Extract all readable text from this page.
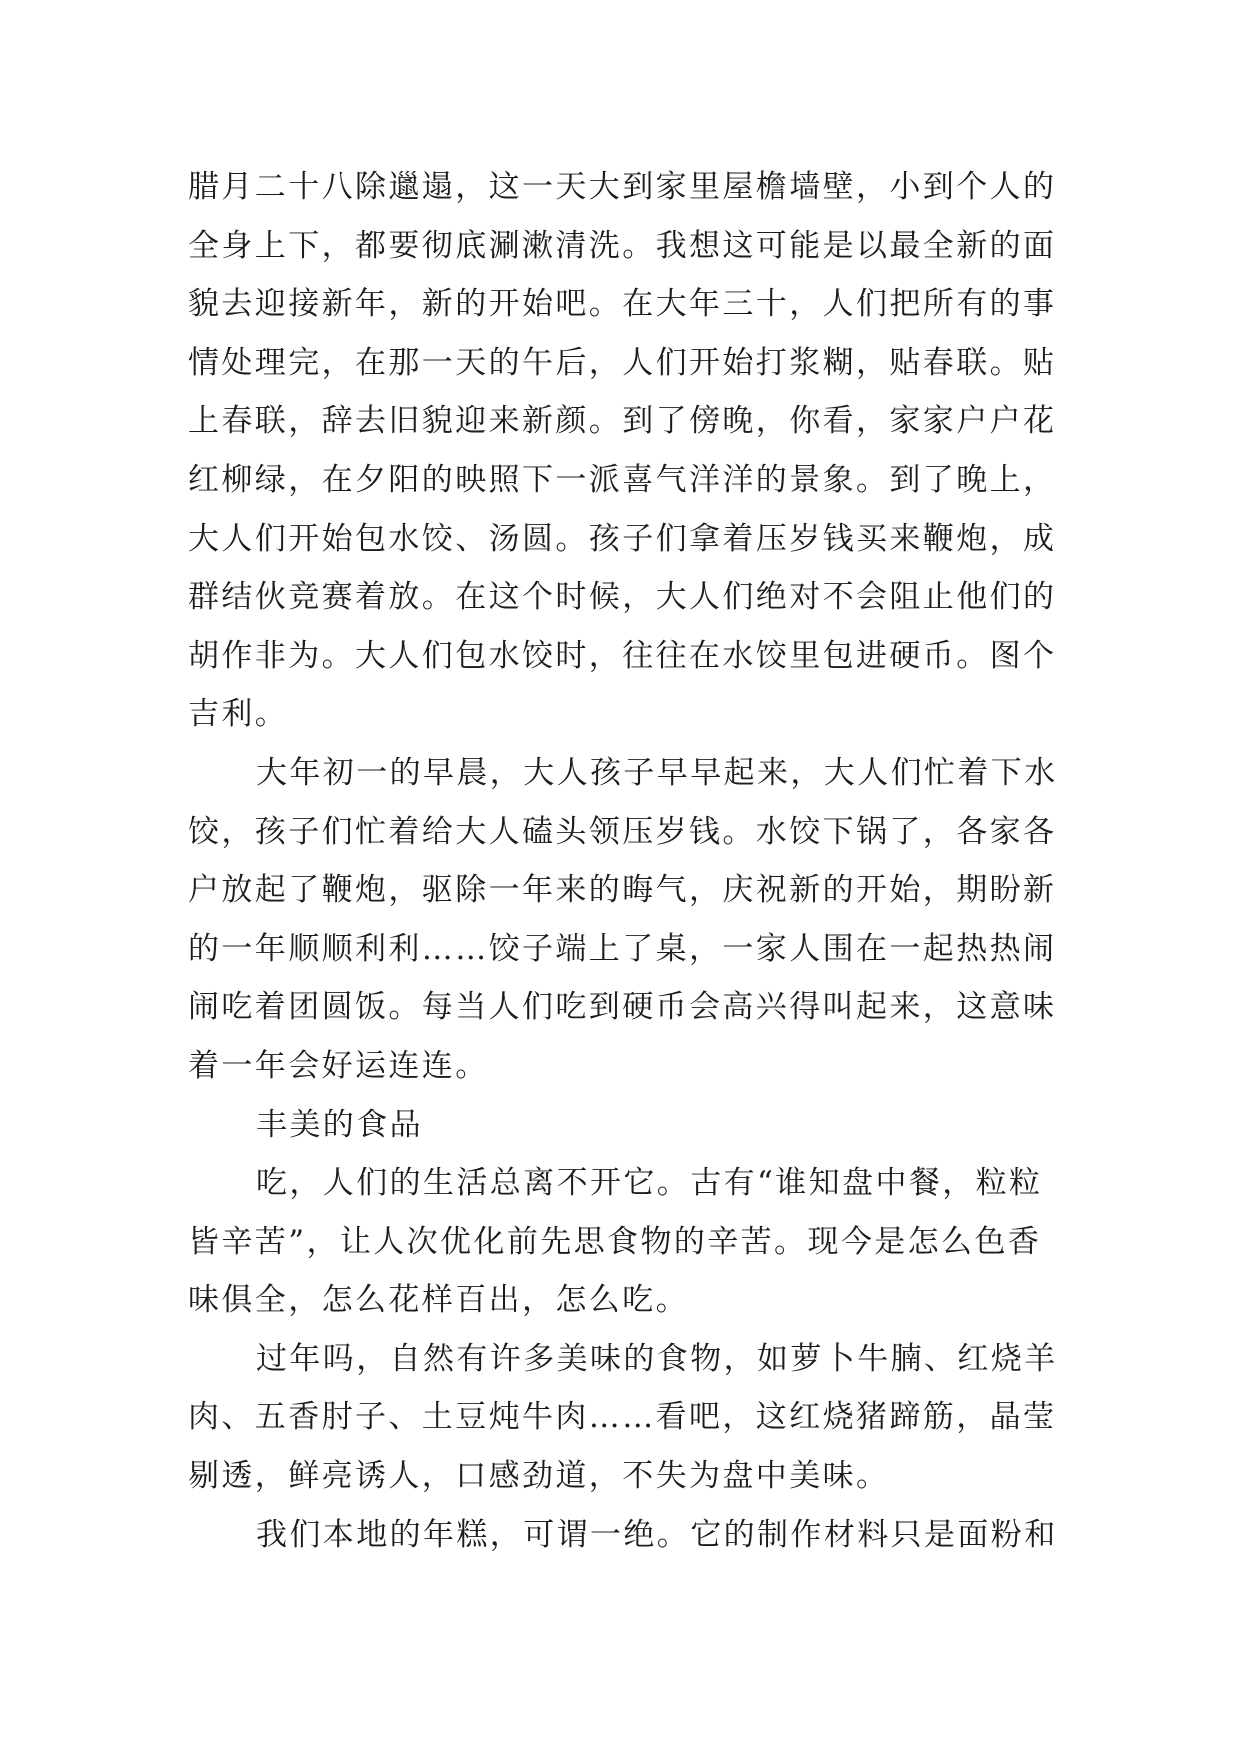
腊月二十八除邋遢，这一天大到家里屋檐墙壁，小到个人的
全身上下，都要彻底涮漱清洗。我想这可能是以最全新的面
貌去迎接新年，新的开始吧。在大年三十，人们把所有的事
情处理完，在那一天的午后，人们开始打浆糊，贴春联。贴
上春联，辞去旧貌迎来新颜。到了傍晚，你看，家家户户花
红柳绿，在夕阳的映照下一派喜气洋洋的景象。到了晚上，
大人们开始包水饺、汤圆。孩子们拿着压岁钱买来鞭炮，成
群结伙竞赛着放。在这个时候，大人们绝对不会阻止他们的
胡作非为。大人们包水饺时，往往在水饺里包进硬币。图个
吉利。
大年初一的早晨，大人孩子早早起来，大人们忙着下水
饺，孩子们忙着给大人磕头领压岁钱。水饺下锅了，各家各
户放起了鞭炮，驱除一年来的晦气，庆祝新的开始，期盼新
的一年顺顺利利……饺子端上了桌，一家人围在一起热热闹
闹吃着团圆饭。每当人们吃到硬币会高兴得叫起来，这意味
着一年会好运连连。
丰美的食品
吃，人们的生活总离不开它。古有“谁知盘中餐，粒粒
皆辛苦”，让人次优化前先思食物的辛苦。现今是怎么色香
味俱全，怎么花样百出，怎么吃。
过年吗，自然有许多美味的食物，如萝卜牛腩、红烧羊
肉、五香肘子、土豆炖牛肉……看吧，这红烧猪蹄筋，晶莹
剔透，鲜亮诱人，口感劲道，不失为盘中美味。
我们本地的年糕，可谓一绝。它的制作材料只是面粉和
